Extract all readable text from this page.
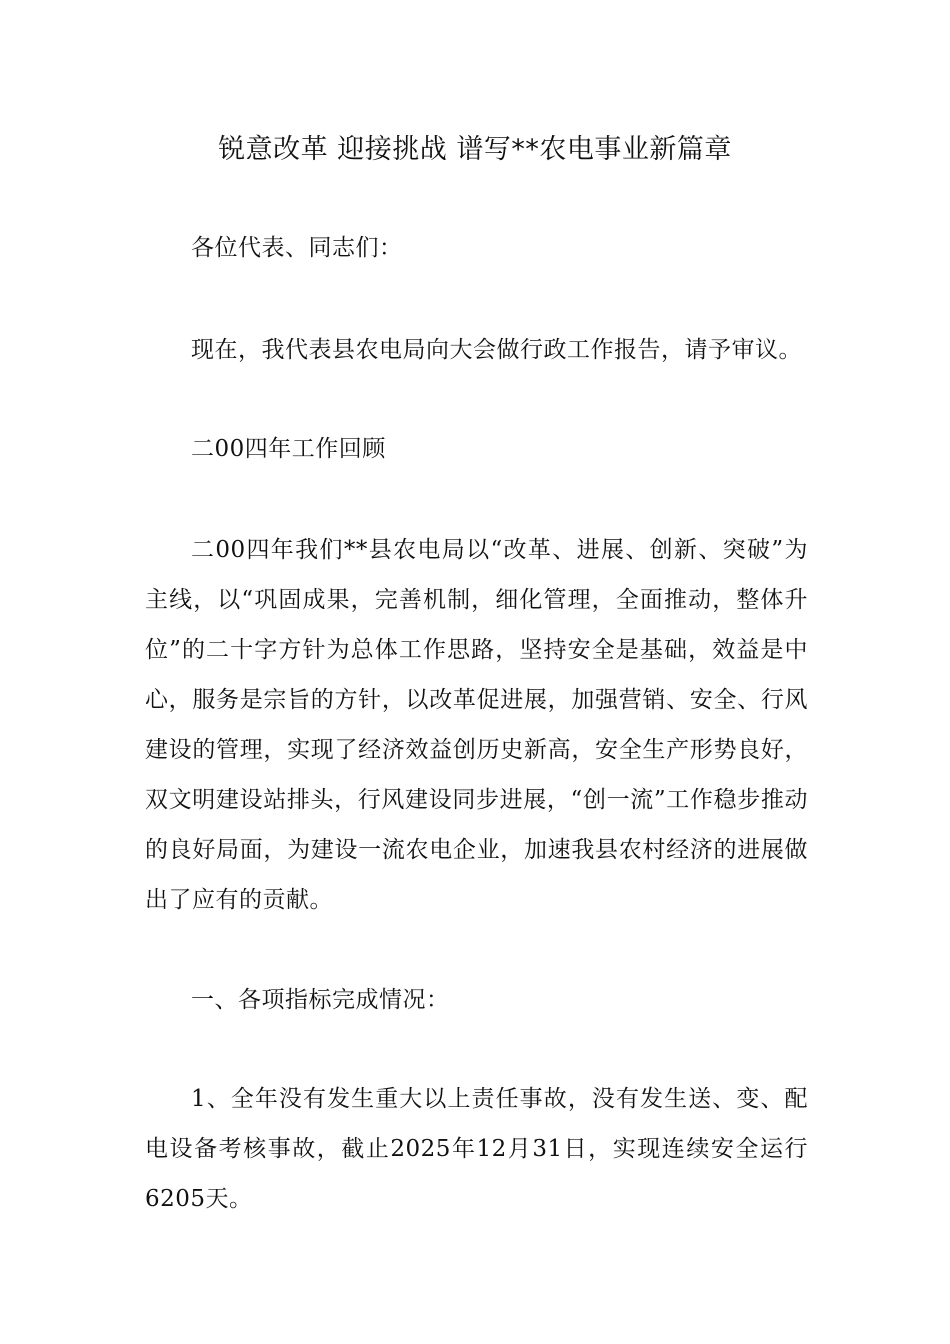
锐意改革 迎接挑战 谱写**农电事业新篇章

各位代表、同志们：

现在，我代表县农电局向大会做行政工作报告，请予审议。

二00四年工作回顾

二00四年我们**县农电局以“改革、进展、创新、突破”为主线，以“巩固成果，完善机制，细化管理，全面推动，整体升位”的二十字方针为总体工作思路，坚持安全是基础，效益是中心，服务是宗旨的方针，以改革促进展，加强营销、安全、行风建设的管理，实现了经济效益创历史新高，安全生产形势良好，双文明建设站排头，行风建设同步进展，“创一流”工作稳步推动的良好局面，为建设一流农电企业，加速我县农村经济的进展做出了应有的贡献。

一、各项指标完成情况：

1、全年没有发生重大以上责任事故，没有发生送、变、配电设备考核事故，截止2025年12月31日，实现连续安全运行6205天。
